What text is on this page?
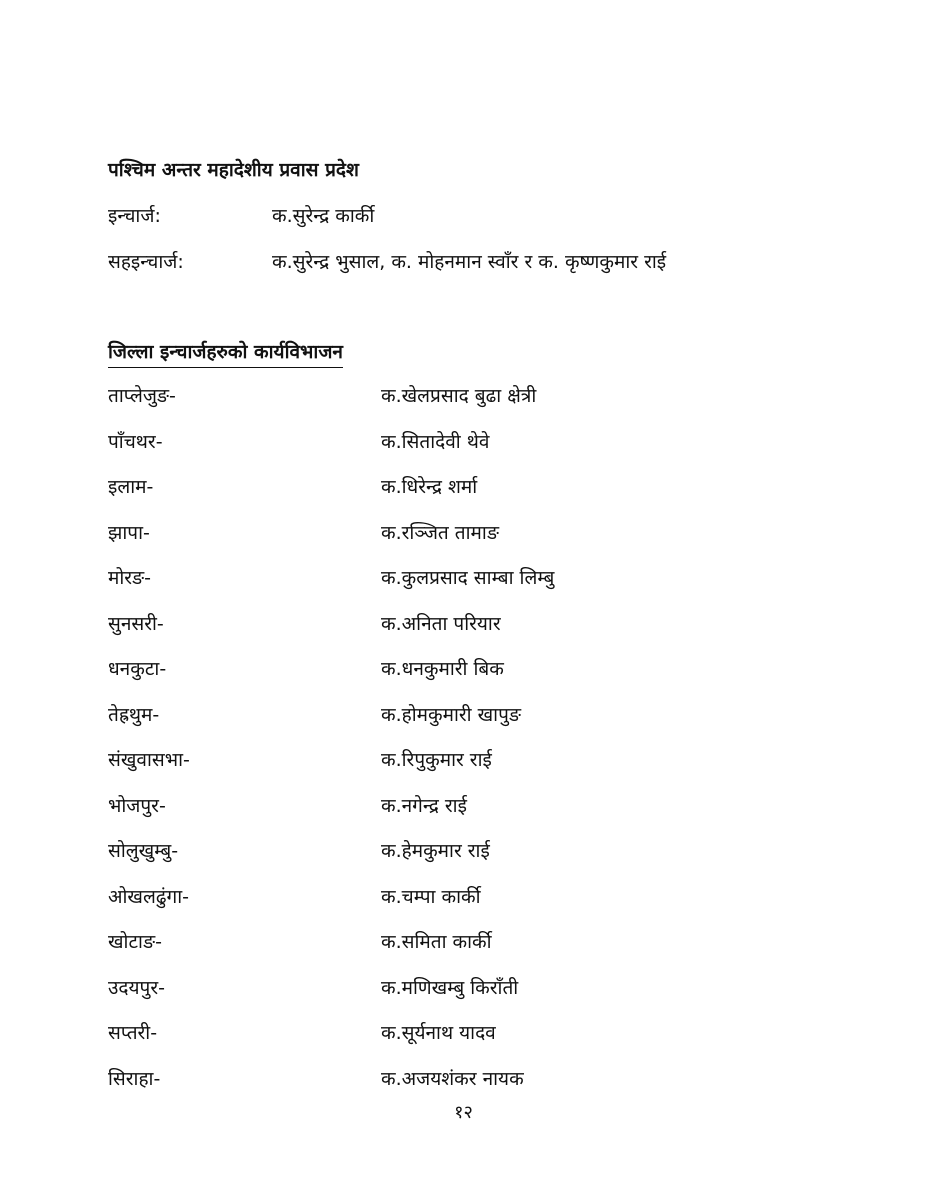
पश्चिम अन्तर महादेशीय प्रवास प्रदेश
इन्चार्ज:	क.सुरेन्द्र कार्की
सहइन्चार्ज:	क.सुरेन्द्र भुसाल, क. मोहनमान स्वाँर र क. कृष्णकुमार राई
जिल्ला इन्चार्जहरुको कार्यविभाजन
ताप्लेजुङ-	क.खेलप्रसाद बुढा क्षेत्री
पाँचथर-	क.सितादेवी थेवे
इलाम-	क.धिरेन्द्र शर्मा
झापा-	क.रञ्जित तामाङ
मोरङ-	क.कुलप्रसाद साम्बा लिम्बु
सुनसरी-	क.अनिता परियार
धनकुटा-	क.धनकुमारी बिक
तेह्रथुम-	क.होमकुमारी खापुङ
संखुवासभा-	क.रिपुकुमार राई
भोजपुर-	क.नगेन्द्र राई
सोलुखुम्बु-	क.हेमकुमार राई
ओखलढुंगा-	क.चम्पा कार्की
खोटाङ-	क.समिता कार्की
उदयपुर-	क.मणिखम्बु किराँती
सप्तरी-	क.सूर्यनाथ यादव
सिराहा-	क.अजयशंकर नायक
१२
